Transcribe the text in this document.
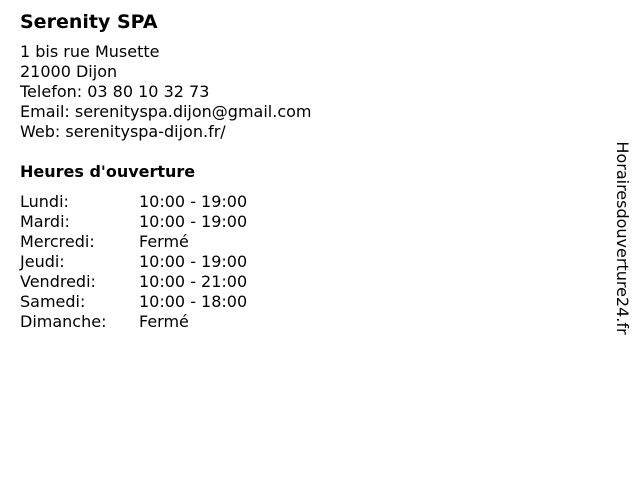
Serenity SPA
1 bis rue Musette
21000 Dijon
Telefon: 03 80 10 32 73
Email: serenityspa.dijon@gmail.com
Web: serenityspa-dijon.fr/
Heures d'ouverture
Lundi:	10:00 - 19:00
Mardi:	10:00 - 19:00
Mercredi:	Fermé
Jeudi:	10:00 - 19:00
Vendredi:	10:00 - 21:00
Samedi:	10:00 - 18:00
Dimanche:	Fermé	Horairesdouverture24.fr
